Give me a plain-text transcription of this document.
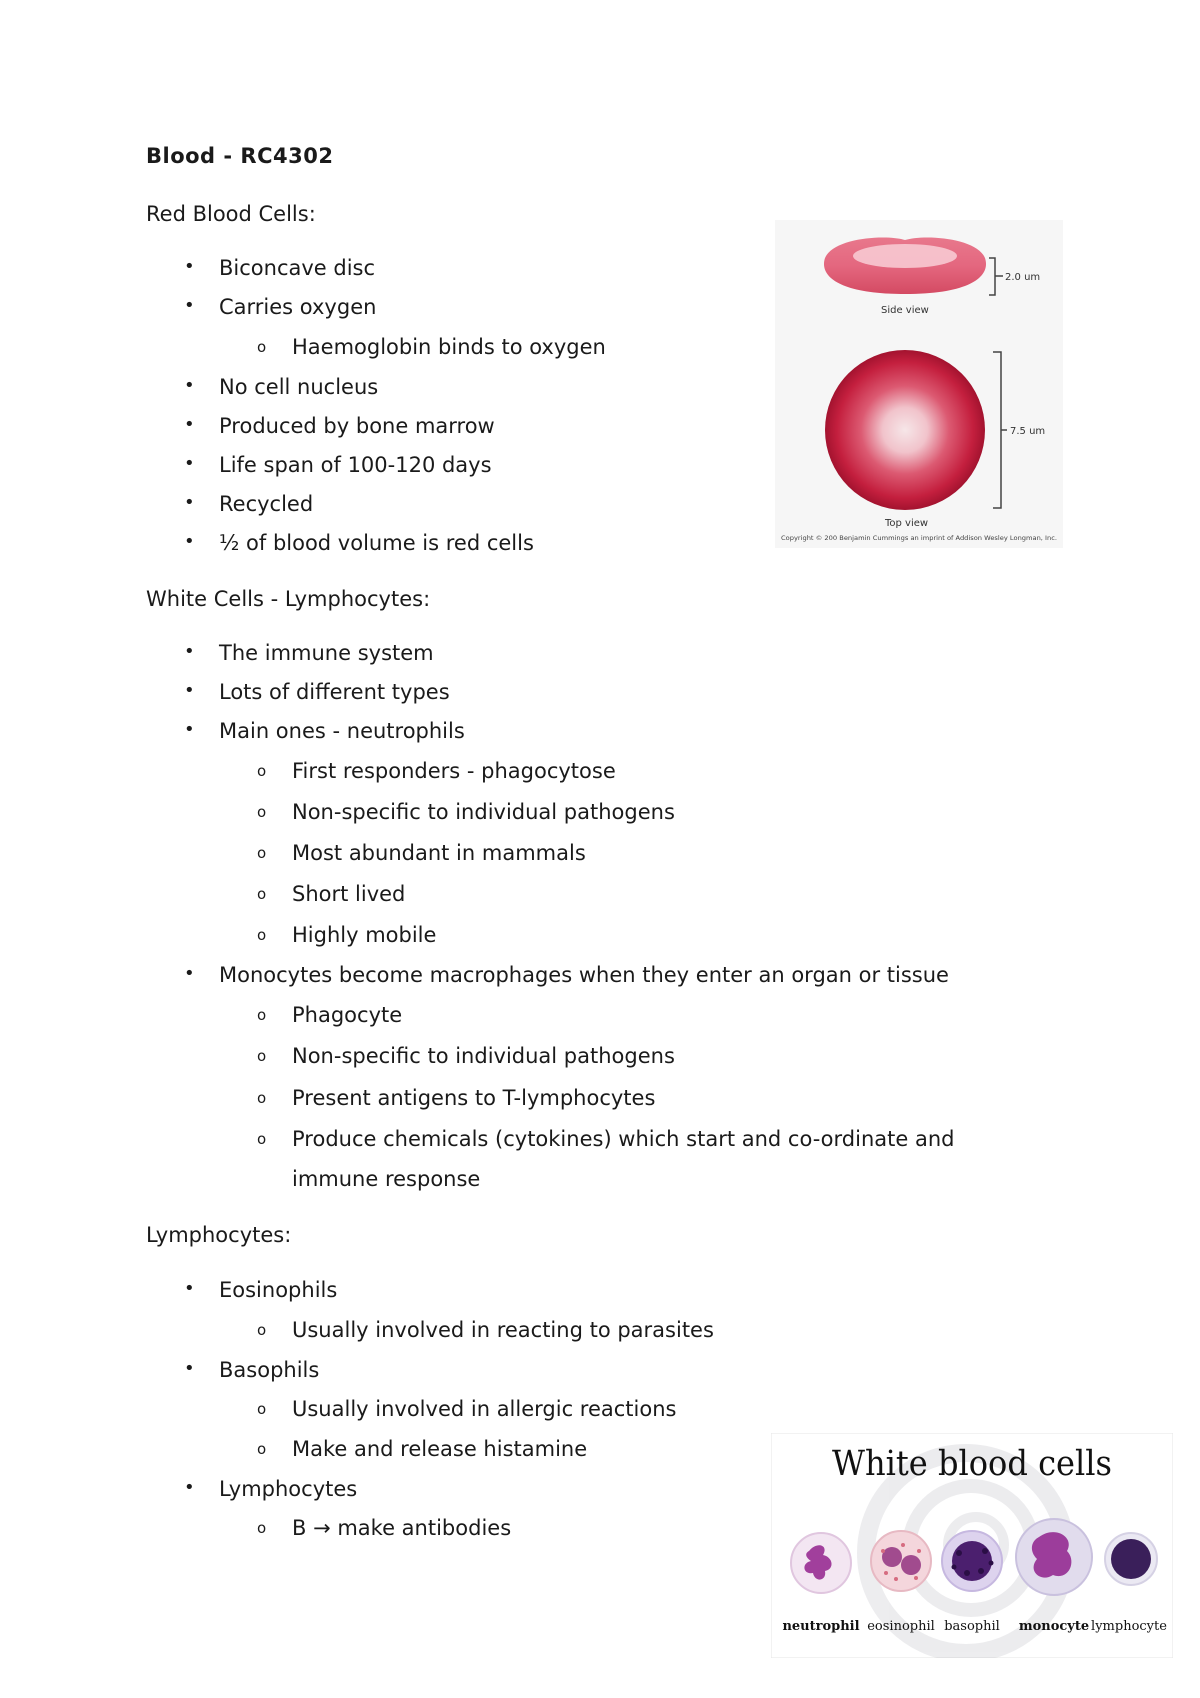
Blood - RC4302
Red Blood Cells:
• Biconcave disc
• Carries oxygen
o Haemoglobin binds to oxygen
• No cell nucleus
• Produced by bone marrow
• Life span of 100-120 days
• Recycled
• ½ of blood volume is red cells
White Cells - Lymphocytes:
• The immune system
• Lots of different types
• Main ones - neutrophils
o First responders - phagocytose
o Non-specific to individual pathogens
o Most abundant in mammals
o Short lived
o Highly mobile
• Monocytes become macrophages when they enter an organ or tissue
o Phagocyte
o Non-specific to individual pathogens
o Present antigens to T-lymphocytes
o Produce chemicals (cytokines) which start and co-ordinate and
immune response
Lymphocytes:
• Eosinophils
o Usually involved in reacting to parasites
• Basophils
o Usually involved in allergic reactions
o Make and release histamine
• Lymphocytes
o B → make antibodies
2.0 um
Side view
7.5 um
Top view
Copyright © 200 Benjamin Cummings an imprint of Addison Wesley Longman, Inc.
White blood cells
neutrophil eosinophil basophil monocyte lymphocyte
